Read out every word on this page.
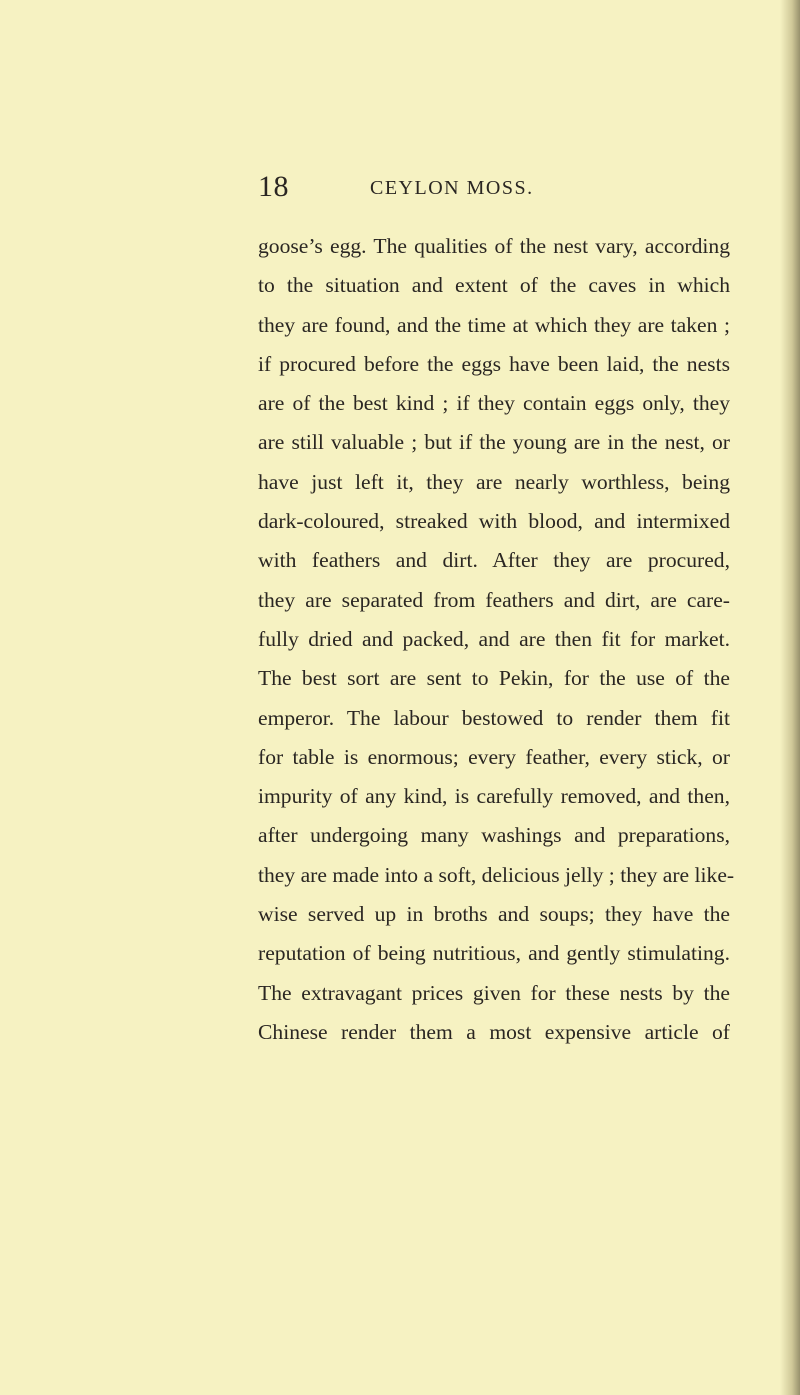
18	CEYLON MOSS.
goose’s egg. The qualities of the nest vary, according
to the situation and extent of the caves in which
they are found, and the time at which they are taken ;
if procured before the eggs have been laid, the nests
are of the best kind ; if they contain eggs only, they
are still valuable ; but if the young are in the nest, or
have just left it, they are nearly worthless, being
dark-coloured, streaked with blood, and intermixed
with feathers and dirt. After they are procured,
they are separated from feathers and dirt, are care-
fully dried and packed, and are then fit for market.
The best sort are sent to Pekin, for the use of the
emperor. The labour bestowed to render them fit
for table is enormous; every feather, every stick, or
impurity of any kind, is carefully removed, and then,
after undergoing many washings and preparations,
they are made into a soft, delicious jelly ; they are like-
wise served up in broths and soups; they have the
reputation of being nutritious, and gently stimulating.
The extravagant prices given for these nests by the
Chinese render them a most expensive article of
